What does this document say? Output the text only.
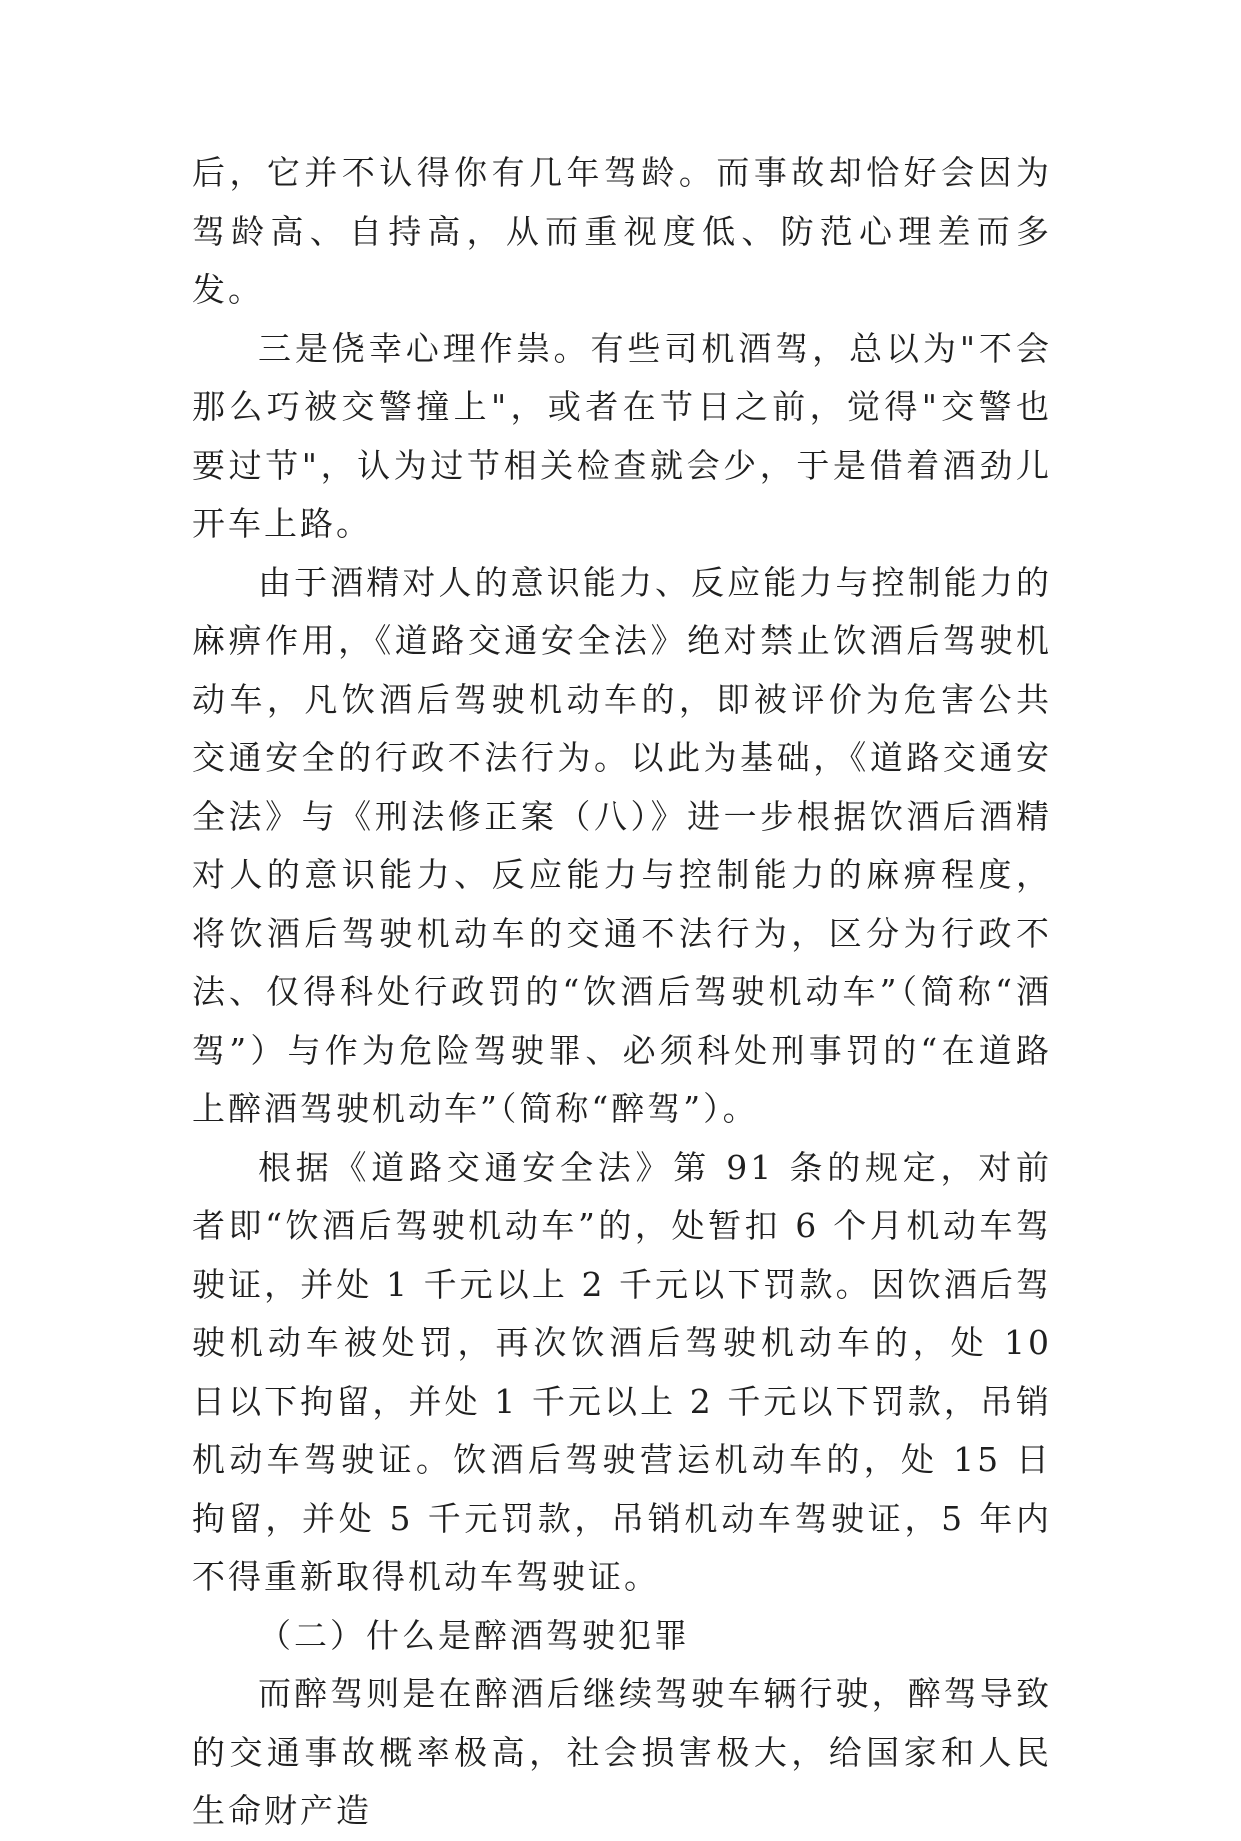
后，它并不认得你有几年驾龄。而事故却恰好会因为驾龄高、自持高，从而重视度低、防范心理差而多发。

三是侥幸心理作祟。有些司机酒驾，总以为"不会那么巧被交警撞上"，或者在节日之前，觉得"交警也要过节"，认为过节相关检查就会少，于是借着酒劲儿开车上路。

由于酒精对人的意识能力、反应能力与控制能力的麻痹作用，《道路交通安全法》绝对禁止饮酒后驾驶机动车，凡饮酒后驾驶机动车的，即被评价为危害公共交通安全的行政不法行为。以此为基础，《道路交通安全法》与《刑法修正案（八）》进一步根据饮酒后酒精对人的意识能力、反应能力与控制能力的麻痹程度，将饮酒后驾驶机动车的交通不法行为，区分为行政不法、仅得科处行政罚的“饮酒后驾驶机动车”（简称“酒驾”）与作为危险驾驶罪、必须科处刑事罚的“在道路上醉酒驾驶机动车”（简称“醉驾”）。

根据《道路交通安全法》第 91 条的规定，对前者即“饮酒后驾驶机动车”的，处暂扣 6 个月机动车驾驶证，并处 1 千元以上 2 千元以下罚款。因饮酒后驾驶机动车被处罚，再次饮酒后驾驶机动车的，处 10 日以下拘留，并处 1 千元以上 2 千元以下罚款，吊销机动车驾驶证。饮酒后驾驶营运机动车的，处 15 日拘留，并处 5 千元罚款，吊销机动车驾驶证，5 年内不得重新取得机动车驾驶证。

（二）什么是醉酒驾驶犯罪

而醉驾则是在醉酒后继续驾驶车辆行驶，醉驾导致的交通事故概率极高，社会损害极大，给国家和人民生命财产造
